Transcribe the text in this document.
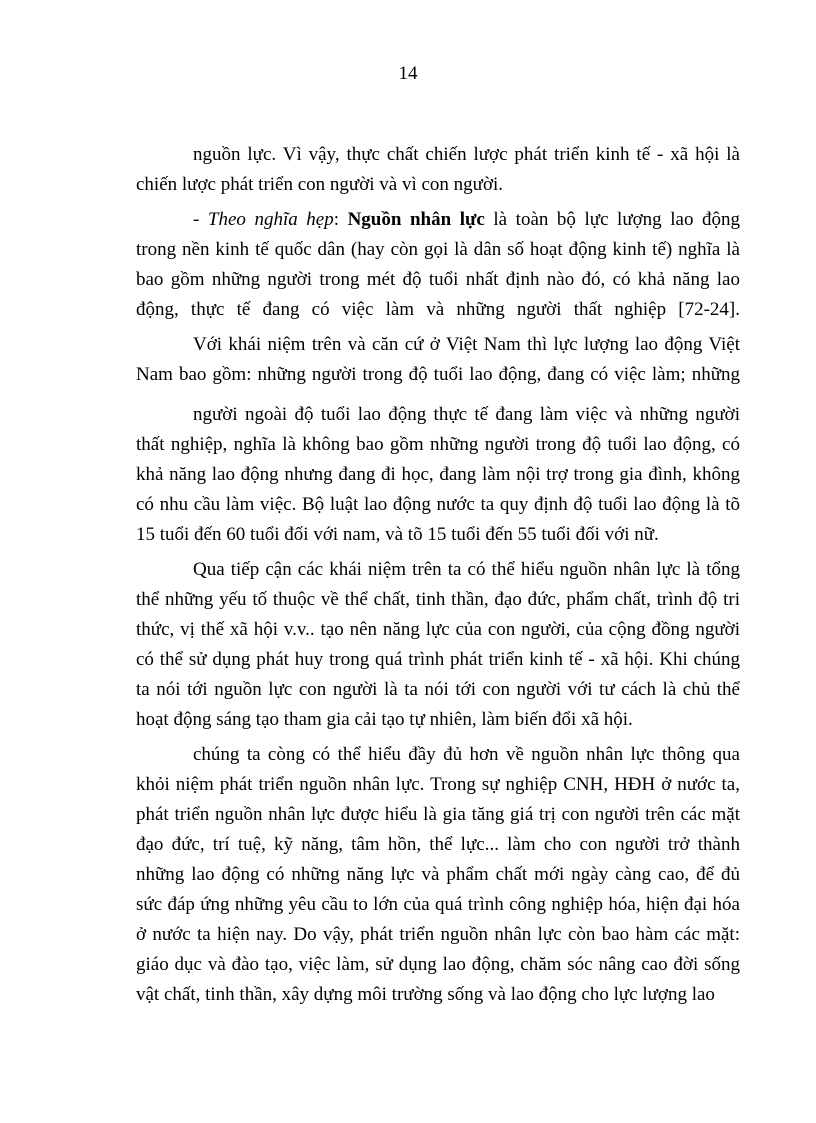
14
nguồn lực. Vì vậy, thực chất chiến lược phát triển kinh tế - xã hội là
chiến lược phát triển con người và vì con người.
- Theo nghĩa hẹp: Nguồn nhân lực là toàn bộ lực lượng lao động
trong nền kinh tế quốc dân (hay còn gọi là dân số hoạt động kinh tế) nghĩa là
bao gồm những người trong mét độ tuổi nhất định nào đó, có khả năng lao
động, thực tế đang có việc làm và những người thất nghiệp [72-24].
Với khái niệm trên và căn cứ ở Việt Nam thì lực lượng lao động Việt
Nam bao gồm: những người trong độ tuổi lao động, đang có việc làm; những
người ngoài độ tuổi lao động thực tế đang làm việc và những người
thất nghiệp, nghĩa là không bao gồm những người trong độ tuổi lao động, có
khả năng lao động nhưng đang đi học, đang làm nội trợ trong gia đình, không
có nhu cầu làm việc. Bộ luật lao động nước ta quy định độ tuổi lao động là tõ
15 tuổi đến 60 tuổi đối với nam, và tõ 15 tuổi đến 55 tuổi đối với nữ.
Qua tiếp cận các khái niệm trên ta có thể hiểu nguồn nhân lực là tổng
thể những yếu tố thuộc về thể chất, tinh thần, đạo đức, phẩm chất, trình độ tri
thức, vị thế xã hội v.v.. tạo nên năng lực của con người, của cộng đồng người
có thể sử dụng phát huy trong quá trình phát triển kinh tế - xã hội. Khi chúng
ta nói tới nguồn lực con người là ta nói tới con người với tư cách là chủ thể
hoạt động sáng tạo tham gia cải tạo tự nhiên, làm biến đổi xã hội.
chúng ta còng có thể hiểu đầy đủ hơn về nguồn nhân lực thông qua
khỏi niệm phát triển nguồn nhân lực. Trong sự nghiệp CNH, HĐH ở nước ta,
phát triển nguồn nhân lực được hiểu là gia tăng giá trị con người trên các mặt
đạo đức, trí tuệ, kỹ năng, tâm hồn, thể lực... làm cho con người trở thành
những lao động có những năng lực và phẩm chất mới ngày càng cao, để đủ
sức đáp ứng những yêu cầu to lớn của quá trình công nghiệp hóa, hiện đại hóa
ở nước ta hiện nay. Do vậy, phát triển nguồn nhân lực còn bao hàm các mặt:
giáo dục và đào tạo, việc làm, sử dụng lao động, chăm sóc nâng cao đời sống
vật chất, tinh thần, xây dựng môi trường sống và lao động cho lực lượng lao
